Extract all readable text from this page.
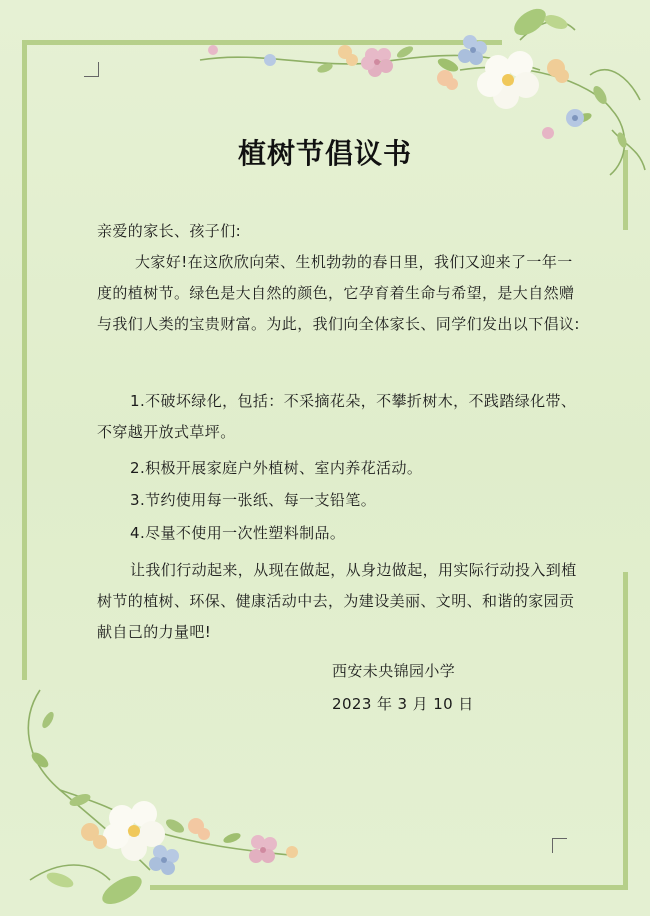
植树节倡议书
亲爱的家长、孩子们:
大家好!在这欣欣向荣、生机勃勃的春日里，我们又迎来了一年一度的植树节。绿色是大自然的颜色，它孕育着生命与希望，是大自然赠与我们人类的宝贵财富。为此，我们向全体家长、同学们发出以下倡议:
1.不破坏绿化，包括：不采摘花朵，不攀折树木，不践踏绿化带、不穿越开放式草坪。
2.积极开展家庭户外植树、室内养花活动。
3.节约使用每一张纸、每一支铅笔。
4.尽量不使用一次性塑料制品。
让我们行动起来，从现在做起，从身边做起，用实际行动投入到植树节的植树、环保、健康活动中去，为建设美丽、文明、和谐的家园贡献自己的力量吧!
西安未央锦园小学
2023 年 3 月 10 日
